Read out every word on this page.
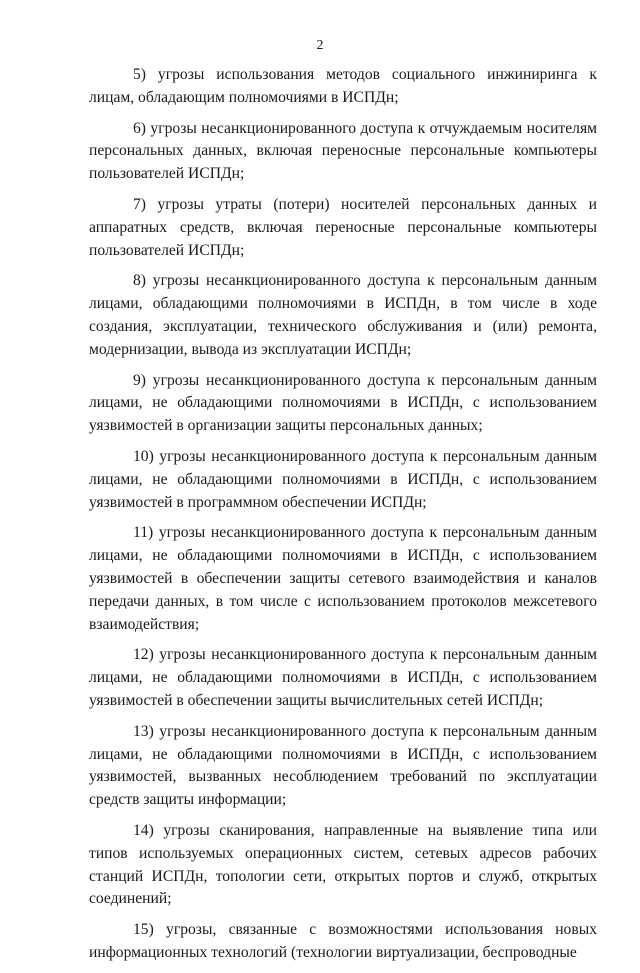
2

5) угрозы использования методов социального инжиниринга к лицам, обладающим полномочиями в ИСПДн;

6) угрозы несанкционированного доступа к отчуждаемым носителям персональных данных, включая переносные персональные компьютеры пользователей ИСПДн;

7) угрозы утраты (потери) носителей персональных данных и аппаратных средств, включая переносные персональные компьютеры пользователей ИСПДн;

8) угрозы несанкционированного доступа к персональным данным лицами, обладающими полномочиями в ИСПДн, в том числе в ходе создания, эксплуатации, технического обслуживания и (или) ремонта, модернизации, вывода из эксплуатации ИСПДн;

9) угрозы несанкционированного доступа к персональным данным лицами, не обладающими полномочиями в ИСПДн, с использованием уязвимостей в организации защиты персональных данных;

10) угрозы несанкционированного доступа к персональным данным лицами, не обладающими полномочиями в ИСПДн, с использованием уязвимостей в программном обеспечении ИСПДн;

11) угрозы несанкционированного доступа к персональным данным лицами, не обладающими полномочиями в ИСПДн, с использованием уязвимостей в обеспечении защиты сетевого взаимодействия и каналов передачи данных, в том числе с использованием протоколов межсетевого взаимодействия;

12) угрозы несанкционированного доступа к персональным данным лицами, не обладающими полномочиями в ИСПДн, с использованием уязвимостей в обеспечении защиты вычислительных сетей ИСПДн;

13) угрозы несанкционированного доступа к персональным данным лицами, не обладающими полномочиями в ИСПДн, с использованием уязвимостей, вызванных несоблюдением требований по эксплуатации средств защиты информации;

14) угрозы сканирования, направленные на выявление типа или типов используемых операционных систем, сетевых адресов рабочих станций ИСПДн, топологии сети, открытых портов и служб, открытых соединений;

15) угрозы, связанные с возможностями использования новых информационных технологий (технологии виртуализации, беспроводные
